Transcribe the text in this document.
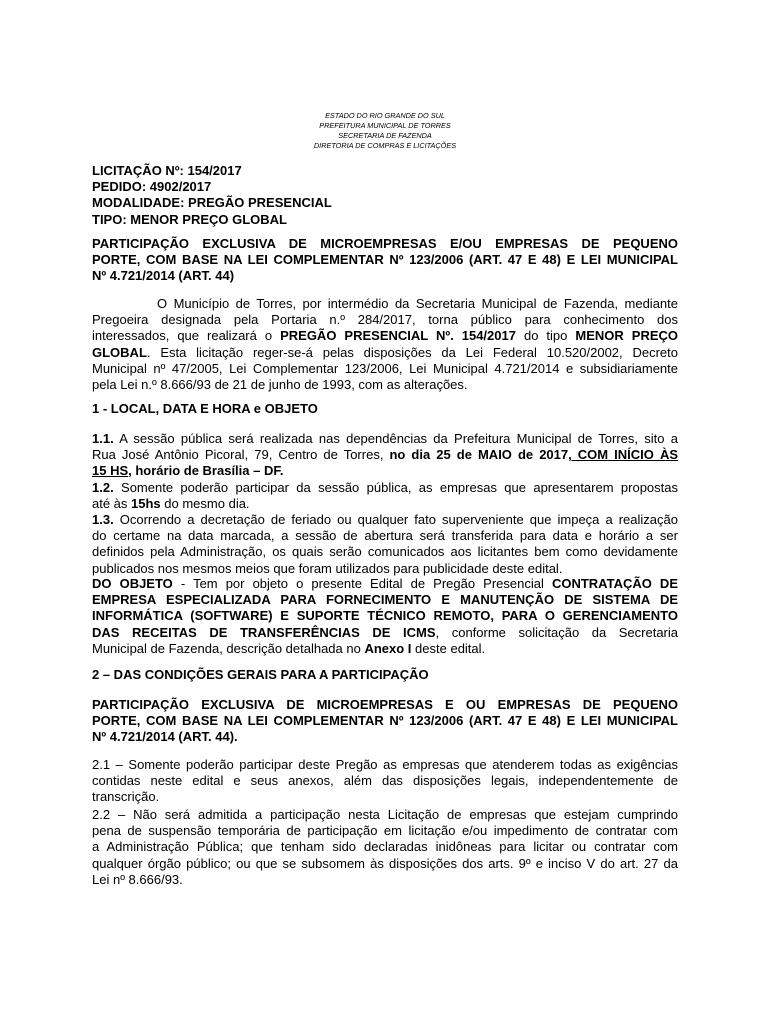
ESTADO DO RIO GRANDE DO SUL
PREFEITURA MUNICIPAL DE TORRES
SECRETARIA DE FAZENDA
DIRETORIA DE COMPRAS E LICITAÇÕES
LICITAÇÃO Nº: 154/2017
PEDIDO: 4902/2017
MODALIDADE: PREGÃO PRESENCIAL
TIPO: MENOR PREÇO GLOBAL
PARTICIPAÇÃO EXCLUSIVA DE MICROEMPRESAS E/OU EMPRESAS DE PEQUENO
PORTE, COM BASE NA LEI COMPLEMENTAR Nº 123/2006 (ART. 47 E 48) E LEI MUNICIPAL
Nº 4.721/2014 (ART. 44)
O Município de Torres, por intermédio da Secretaria Municipal de Fazenda, mediante
Pregoeira designada pela Portaria n.º 284/2017, torna público para conhecimento dos
interessados, que realizará o PREGÃO PRESENCIAL Nº. 154/2017 do tipo MENOR PREÇO
GLOBAL. Esta licitação reger-se-á pelas disposições da Lei Federal 10.520/2002, Decreto
Municipal nº 47/2005, Lei Complementar 123/2006, Lei Municipal 4.721/2014 e subsidiariamente
pela Lei n.º 8.666/93 de 21 de junho de 1993, com as alterações.
1 - LOCAL, DATA E HORA e OBJETO
1.1. A sessão pública será realizada nas dependências da Prefeitura Municipal de Torres, sito a
Rua José Antônio Picoral, 79, Centro de Torres, no dia 25 de MAIO de 2017, COM INÍCIO ÀS
15 HS, horário de Brasília – DF.
1.2. Somente poderão participar da sessão pública, as empresas que apresentarem propostas
até às 15hs do mesmo dia.
1.3. Ocorrendo a decretação de feriado ou qualquer fato superveniente que impeça a realização
do certame na data marcada, a sessão de abertura será transferida para data e horário a ser
definidos pela Administração, os quais serão comunicados aos licitantes bem como devidamente
publicados nos mesmos meios que foram utilizados para publicidade deste edital.
DO OBJETO - Tem por objeto o presente Edital de Pregão Presencial CONTRATAÇÃO DE
EMPRESA ESPECIALIZADA PARA FORNECIMENTO E MANUTENÇÃO DE SISTEMA DE
INFORMÁTICA (SOFTWARE) E SUPORTE TÉCNICO REMOTO, PARA O GERENCIAMENTO
DAS RECEITAS DE TRANSFERÊNCIAS DE ICMS, conforme solicitação da Secretaria
Municipal de Fazenda, descrição detalhada no Anexo I deste edital.
2 – DAS CONDIÇÕES GERAIS PARA A PARTICIPAÇÃO
PARTICIPAÇÃO EXCLUSIVA DE MICROEMPRESAS E OU EMPRESAS DE PEQUENO
PORTE, COM BASE NA LEI COMPLEMENTAR Nº 123/2006 (ART. 47 E 48) E LEI MUNICIPAL
Nº 4.721/2014 (ART. 44).
2.1 – Somente poderão participar deste Pregão as empresas que atenderem todas as exigências
contidas neste edital e seus anexos, além das disposições legais, independentemente de
transcrição.
2.2 – Não será admitida a participação nesta Licitação de empresas que estejam cumprindo
pena de suspensão temporária de participação em licitação e/ou impedimento de contratar com
a Administração Pública; que tenham sido declaradas inidôneas para licitar ou contratar com
qualquer órgão público; ou que se subsomem às disposições dos arts. 9º e inciso V do art. 27 da
Lei nº 8.666/93.
